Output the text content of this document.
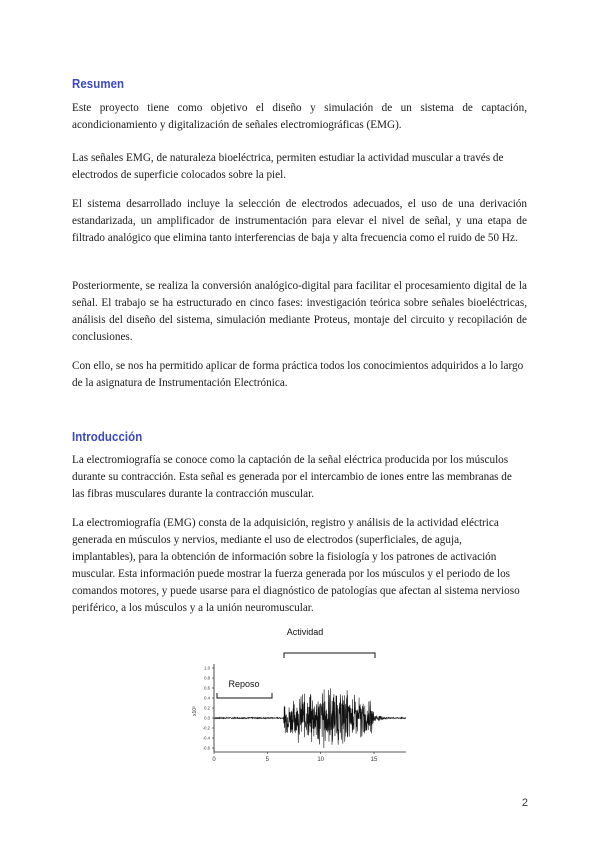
Resumen

Este proyecto tiene como objetivo el diseño y simulación de un sistema de captación, acondicionamiento y digitalización de señales electromiográficas (EMG).

Las señales EMG, de naturaleza bioeléctrica, permiten estudiar la actividad muscular a través de electrodos de superficie colocados sobre la piel.

El sistema desarrollado incluye la selección de electrodos adecuados, el uso de una derivación estandarizada, un amplificador de instrumentación para elevar el nivel de señal, y una etapa de filtrado analógico que elimina tanto interferencias de baja y alta frecuencia como el ruido de 50 Hz.

Posteriormente, se realiza la conversión analógico-digital para facilitar el procesamiento digital de la señal. El trabajo se ha estructurado en cinco fases: investigación teórica sobre señales bioeléctricas, análisis del diseño del sistema, simulación mediante Proteus, montaje del circuito y recopilación de conclusiones.

Con ello, se nos ha permitido aplicar de forma práctica todos los conocimientos adquiridos a lo largo de la asignatura de Instrumentación Electrónica.

Introducción

La electromiografía se conoce como la captación de la señal eléctrica producida por los músculos durante su contracción. Esta señal es generada por el intercambio de iones entre las membranas de las fibras musculares durante la contracción muscular.

La electromiografía (EMG) consta de la adquisición, registro y análisis de la actividad eléctrica generada en músculos y nervios, mediante el uso de electrodos (superficiales, de aguja, implantables), para la obtención de información sobre la fisiología y los patrones de activación muscular. Esta información puede mostrar la fuerza generada por los músculos y el periodo de los comandos motores, y puede usarse para el diagnóstico de patologías que afectan al sistema nervioso periférico, a los músculos y a la unión neuromuscular.

Actividad
Reposo
x10³
1.0
0.8
0.6
0.4
0.2
0.0
-0.2
-0.4
-0.6
0	5	10	15
2
